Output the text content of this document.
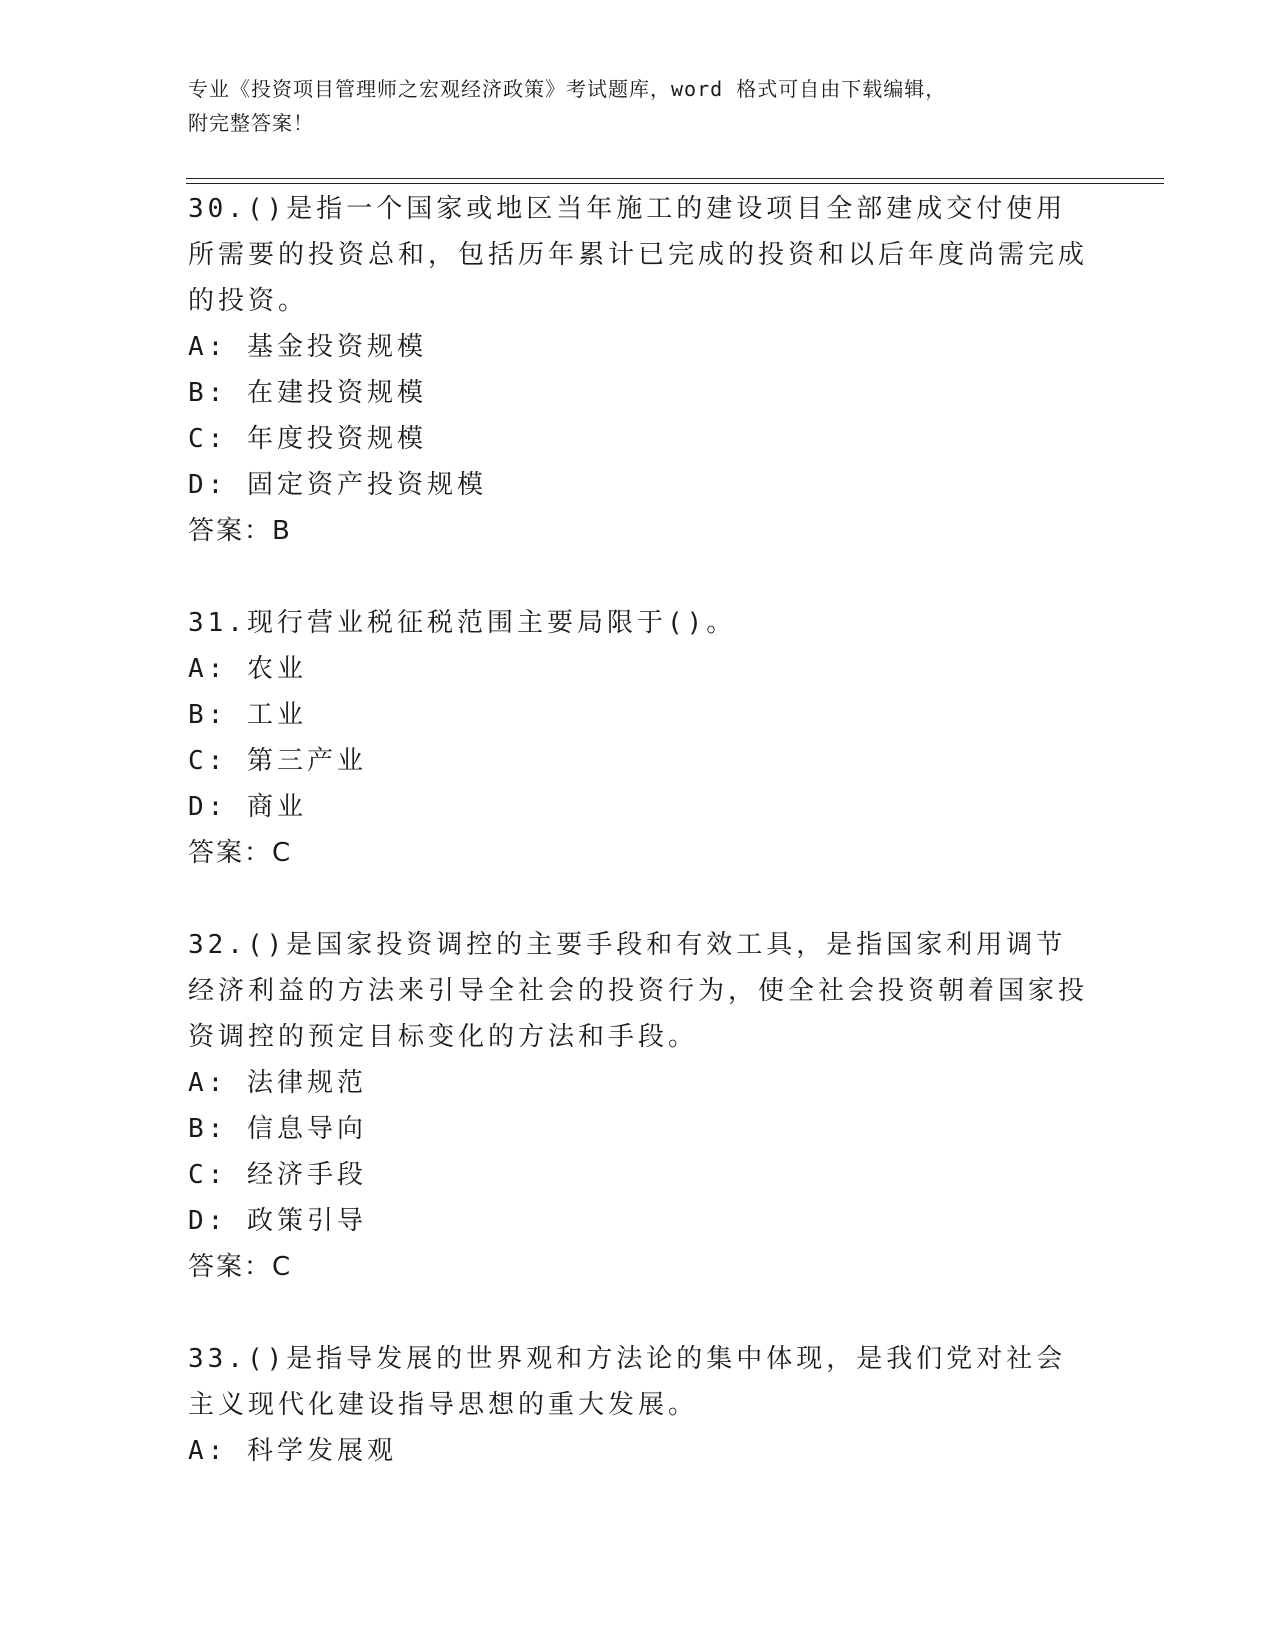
专业《投资项目管理师之宏观经济政策》考试题库，word 格式可自由下载编辑，
附完整答案！

30.()是指一个国家或地区当年施工的建设项目全部建成交付使用所需要的投资总和，包括历年累计已完成的投资和以后年度尚需完成的投资。

A: 基金投资规模

B: 在建投资规模

C: 年度投资规模

D: 固定资产投资规模

答案：B

31.现行营业税征税范围主要局限于()。

A: 农业

B: 工业

C: 第三产业

D: 商业

答案：C

32.()是国家投资调控的主要手段和有效工具，是指国家利用调节经济利益的方法来引导全社会的投资行为，使全社会投资朝着国家投资调控的预定目标变化的方法和手段。

A: 法律规范

B: 信息导向

C: 经济手段

D: 政策引导

答案：C

33.()是指导发展的世界观和方法论的集中体现，是我们党对社会主义现代化建设指导思想的重大发展。

A: 科学发展观
